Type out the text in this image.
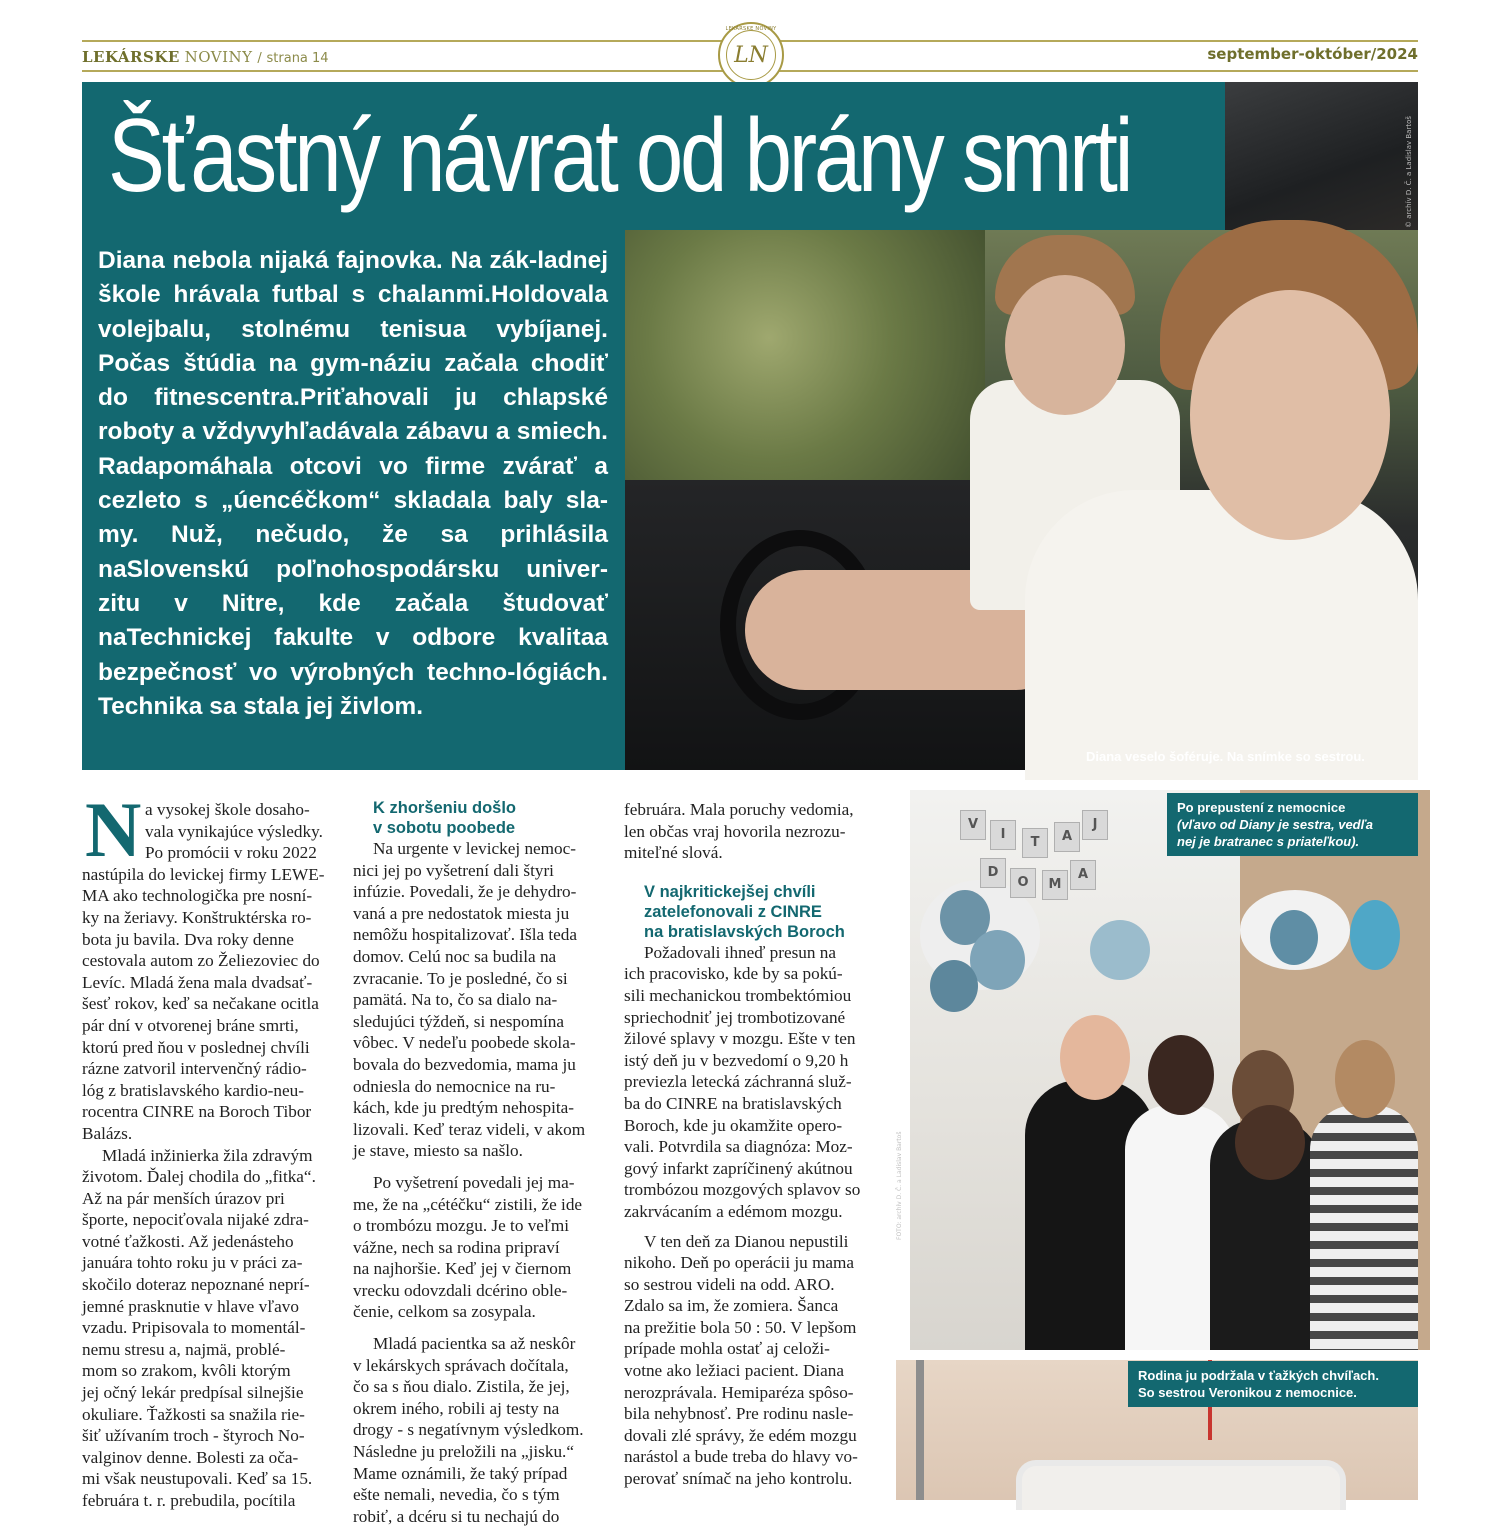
LEKÁRSKE NOVINY / strana 14	september-október/2024
LN
LEKÁRSKE NOVINY
Šťastný návrat od brány smrti	© archív D. Č. a Ladislav Bartoš
Diana nebola nijaká fajnovka. Na zák-ladnej škole hrávala futbal s chalanmi.Holdovala volejbalu, stolnému tenisua vybíjanej. Počas štúdia na gym-náziu začala chodiť do fitnescentra.Priťahovali ju chlapské roboty a vždyvyhľadávala zábavu a smiech. Radapomáhala otcovi vo firme zvárať a cezleto s „úencéčkom“ skladala baly sla-my. Nuž, nečudo, že sa prihlásila naSlovenskú poľnohospodársku univer-zitu v Nitre, kde začala študovať naTechnickej fakulte v odbore kvalitaa bezpečnosť vo výrobných techno-lógiách. Technika sa stala jej živlom.
Diana veselo šoféruje. Na snímke so sestrou.
N a vysokej škole dosaho-
vala vynikajúce výsledky.
Po promócii v roku 2022
nastúpila do levickej firmy LEWE-
MA ako technologička pre nosní-
ky na žeriavy. Konštruktérska ro-
bota ju bavila. Dva roky denne
cestovala autom zo Želiezoviec do
Levíc. Mladá žena mala dvadsať-
šesť rokov, keď sa nečakane ocitla
pár dní v otvorenej bráne smrti,
ktorú pred ňou v poslednej chvíli
rázne zatvoril intervenčný rádio-
lóg z bratislavského kardio-neu-
rocentra CINRE na Boroch Tibor
Balázs.
Mladá inžinierka žila zdravým
životom. Ďalej chodila do „fitka“.
Až na pár menších úrazov pri
športe, nepociťovala nijaké zdra-
votné ťažkosti. Až jedenásteho
januára tohto roku ju v práci za-
skočilo doteraz nepoznané neprí-
jemné prasknutie v hlave vľavo
vzadu. Pripisovala to momentál-
nemu stresu a, najmä, problé-
mom so zrakom, kvôli ktorým
jej očný lekár predpísal silnejšie
okuliare. Ťažkosti sa snažila rie-
šiť užívaním troch - štyroch No-
valginov denne. Bolesti za oča-
mi však neustupovali. Keď sa 15.
februára t. r. prebudila, pocítila
K zhoršeniu došlo
v sobotu poobede
Na urgente v levickej nemoc-
nici jej po vyšetrení dali štyri
infúzie. Povedali, že je dehydro-
vaná a pre nedostatok miesta ju
nemôžu hospitalizovať. Išla teda
domov. Celú noc sa budila na
zvracanie. To je posledné, čo si
pamätá. Na to, čo sa dialo na-
sledujúci týždeň, si nespomína
vôbec. V nedeľu poobede skola-
bovala do bezvedomia, mama ju
odniesla do nemocnice na ru-
kách, kde ju predtým nehospita-
lizovali. Keď teraz videli, v akom
je stave, miesto sa našlo.
Po vyšetrení povedali jej ma-
me, že na „cétéčku“ zistili, že ide
o trombózu mozgu. Je to veľmi
vážne, nech sa rodina pripraví
na najhoršie. Keď jej v čiernom
vrecku odovzdali dcérino oble-
čenie, celkom sa zosypala.
Mladá pacientka sa až neskôr
v lekárskych správach dočítala,
čo sa s ňou dialo. Zistila, že jej,
okrem iného, robili aj testy na
drogy - s negatívnym výsledkom.
Následne ju preložili na „jisku.“
Mame oznámili, že taký prípad
ešte nemali, nevedia, čo s tým
robiť, a dcéru si tu nechajú do
februára. Mala poruchy vedomia,
len občas vraj hovorila nezrozu-
miteľné slová.
V najkritickejšej chvíli
zatelefonovali z CINRE
na bratislavských Boroch
Požadovali ihneď presun na
ich pracovisko, kde by sa pokú-
sili mechanickou trombektómiou
spriechodniť jej trombotizované
žilové splavy v mozgu. Ešte v ten
istý deň ju v bezvedomí o 9,20 h
previezla letecká záchranná služ-
ba do CINRE na bratislavských
Boroch, kde ju okamžite opero-
vali. Potvrdila sa diagnóza: Moz-
gový infarkt zapríčinený akútnou
trombózou mozgových splavov so
zakrvácaním a edémom mozgu.
V ten deň za Dianou nepustili
nikoho. Deň po operácii ju mama
so sestrou videli na odd. ARO.
Zdalo sa im, že zomiera. Šanca
na prežitie bola 50 : 50. V lepšom
prípade mohla ostať aj celoži-
votne ako ležiaci pacient. Diana
nerozprávala. Hemiparéza spôso-
bila nehybnosť. Pre rodinu nasle-
dovali zlé správy, že edém mozgu
narástol a bude treba do hlavy vo-
perovať snímač na jeho kontrolu.
V
I
T	A
J
D
O	M
A
Po prepustení z nemocnice
(vľavo od Diany je sestra, vedľa
nej je bratranec s priateľkou).
FOTO: archív D. Č. a Ladislav Bartoš
Rodina ju podržala v ťažkých chvíľach.
So sestrou Veronikou z nemocnice.
